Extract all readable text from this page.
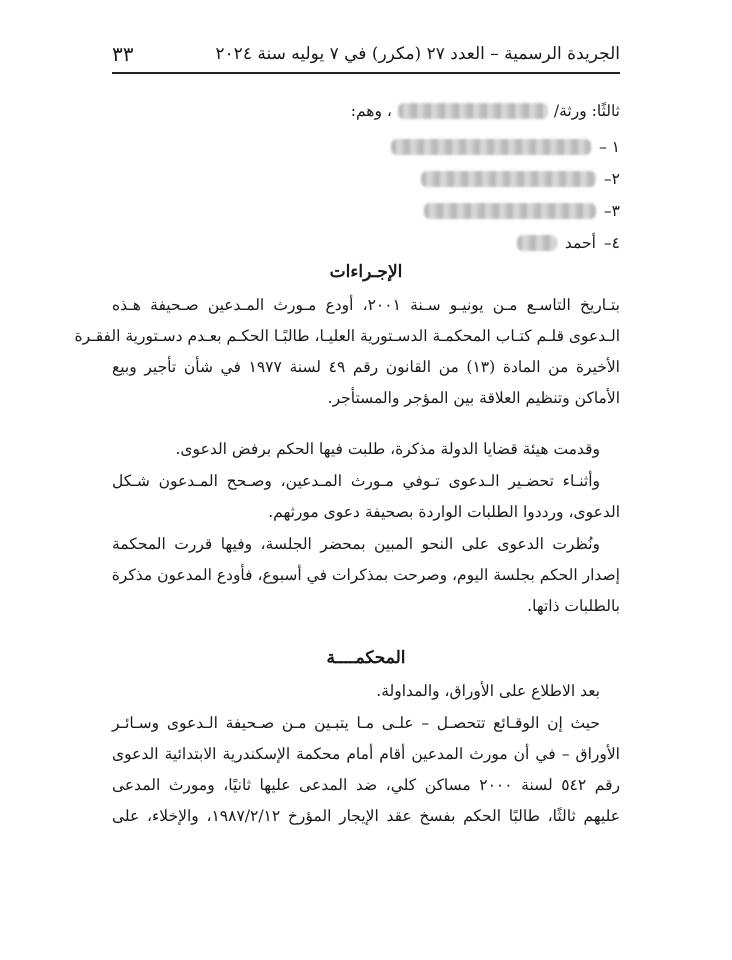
الجريدة الرسمية – العدد ٢٧ (مكرر) في ٧ يوليه سنة ٢٠٢٤
٣٣
ثالثًا: ورثة/
، وهم:
١ –
٢–
٣–
٤–
أحمد

الإجـراءات

بتـاريخ التاسـع مـن يونيـو سـنة ٢٠٠١، أودع مـورث المـدعين صـحيفة هـذه

الـدعوى قلـم كتـاب المحكمـة الدسـتورية العليـا، طالبًـا الحكـم بعـدم دسـتورية الفقـرة

الأخيرة من المادة (١٣) من القانون رقم ٤٩ لسنة ١٩٧٧ في شأن تأجير وبيع

الأماكن وتنظيم العلاقة بين المؤجر والمستأجر.

وقدمت هيئة قضايا الدولة مذكرة، طلبت فيها الحكم برفض الدعوى.

وأثنـاء تحضـير الـدعوى تـوفي مـورث المـدعين، وصـحح المـدعون شـكل

الدعوى، ورددوا الطلبات الواردة بصحيفة دعوى مورثهم.

ونُظرت الدعوى على النحو المبين بمحضر الجلسة، وفيها قررت المحكمة

إصدار الحكم بجلسة اليوم، وصرحت بمذكرات في أسبوع، فأودع المدعون مذكرة

بالطلبات ذاتها.

المحكمــــة

بعد الاطلاع على الأوراق، والمداولة.

حيث إن الوقـائع تتحصـل – علـى مـا يتبـين مـن صـحيفة الـدعوى وسـائـر

الأوراق – في أن مورث المدعين أقام أمام محكمة الإسكندرية الابتدائية الدعوى

رقم ٥٤٢ لسنة ٢٠٠٠ مساكن كلي، ضد المدعى عليها ثانيًا، ومورث المدعى

عليهم ثالثًا، طالبًا الحكم بفسخ عقد الإيجار المؤرخ ١٩٨٧/٢/١٢، والإخلاء، على
